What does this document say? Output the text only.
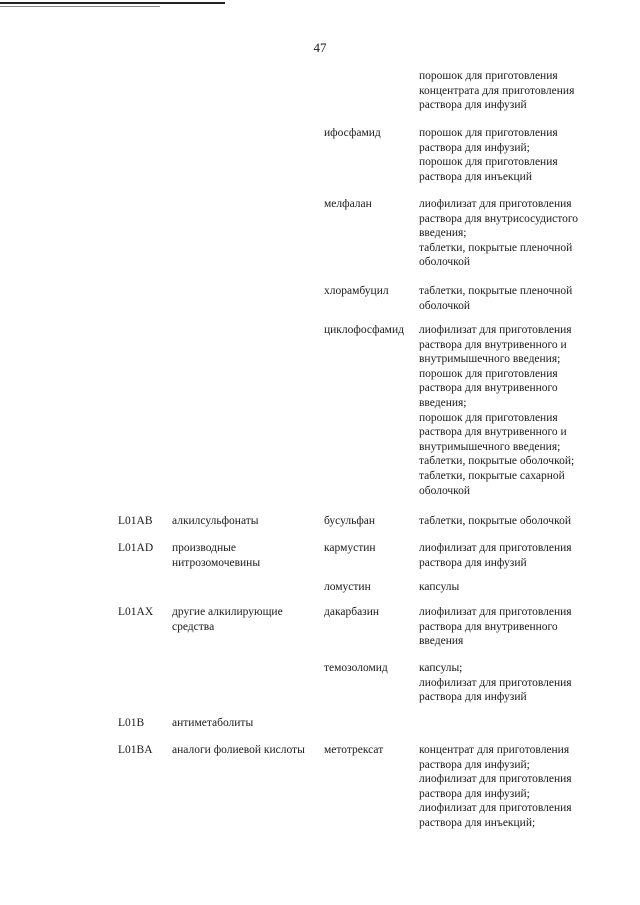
47
порошок для приготовления
концентрата для приготовления
раствора для инфузий
ифосфамид	порошок для приготовления
раствора для инфузий;
порошок для приготовления
раствора для инъекций
мелфалан	лиофилизат для приготовления
раствора для внутрисосудистого
введения;
таблетки, покрытые пленочной
оболочкой
хлорамбуцил	таблетки, покрытые пленочной
оболочкой
циклофосфамид лиофилизат для приготовления
раствора для внутривенного и
внутримышечного введения;
порошок для приготовления
раствора для внутривенного
введения;
порошок для приготовления
раствора для внутривенного и
внутримышечного введения;
таблетки, покрытые оболочкой;
таблетки, покрытые сахарной
оболочкой
L01AB алкилсульфонаты	бусульфан	таблетки, покрытые оболочкой
L01AD производные
нитрозомочевины
кармустин	лиофилизат для приготовления
раствора для инфузий
ломустин	капсулы
L01AX другие алкилирующие
средства
дакарбазин	лиофилизат для приготовления
раствора для внутривенного
введения
темозоломид	капсулы;
лиофилизат для приготовления
раствора для инфузий
L01B антиметаболиты
L01BA аналоги фолиевой кислоты	метотрексат	концентрат для приготовления
раствора для инфузий;
лиофилизат для приготовления
раствора для инфузий;
лиофилизат для приготовления
раствора для инъекций;
